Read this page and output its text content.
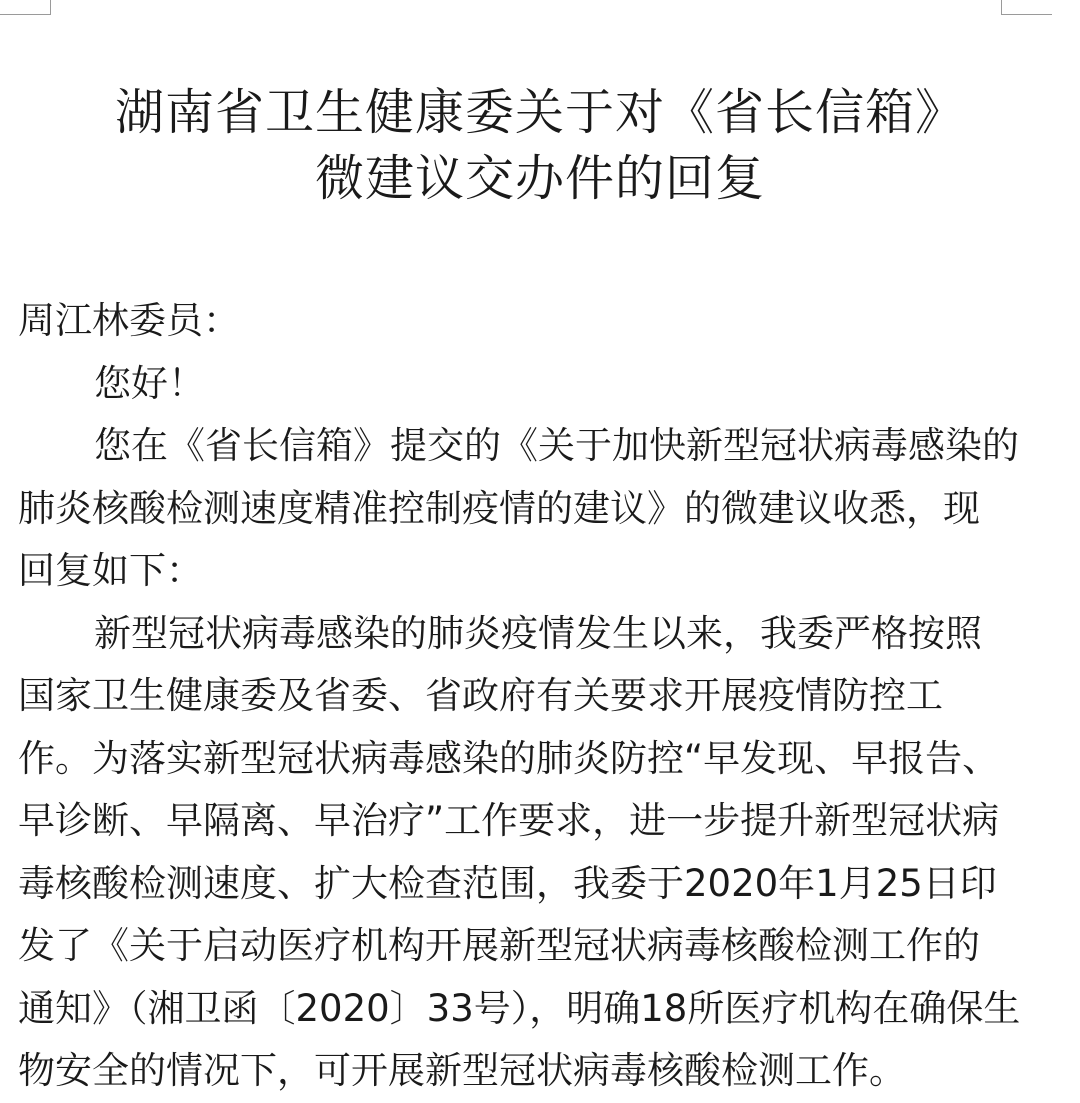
湖南省卫生健康委关于对《省长信箱》
微建议交办件的回复

周江林委员：

您好！

您在《省长信箱》提交的《关于加快新型冠状病毒感染的

肺炎核酸检测速度精准控制疫情的建议》的微建议收悉，现

回复如下：

新型冠状病毒感染的肺炎疫情发生以来，我委严格按照

国家卫生健康委及省委、省政府有关要求开展疫情防控工

作。为落实新型冠状病毒感染的肺炎防控“早发现、早报告、

早诊断、早隔离、早治疗”工作要求，进一步提升新型冠状病

毒核酸检测速度、扩大检查范围，我委于2020年1月25日印

发了《关于启动医疗机构开展新型冠状病毒核酸检测工作的

通知》（湘卫函〔2020〕33号），明确18所医疗机构在确保生

物安全的情况下，可开展新型冠状病毒核酸检测工作。
